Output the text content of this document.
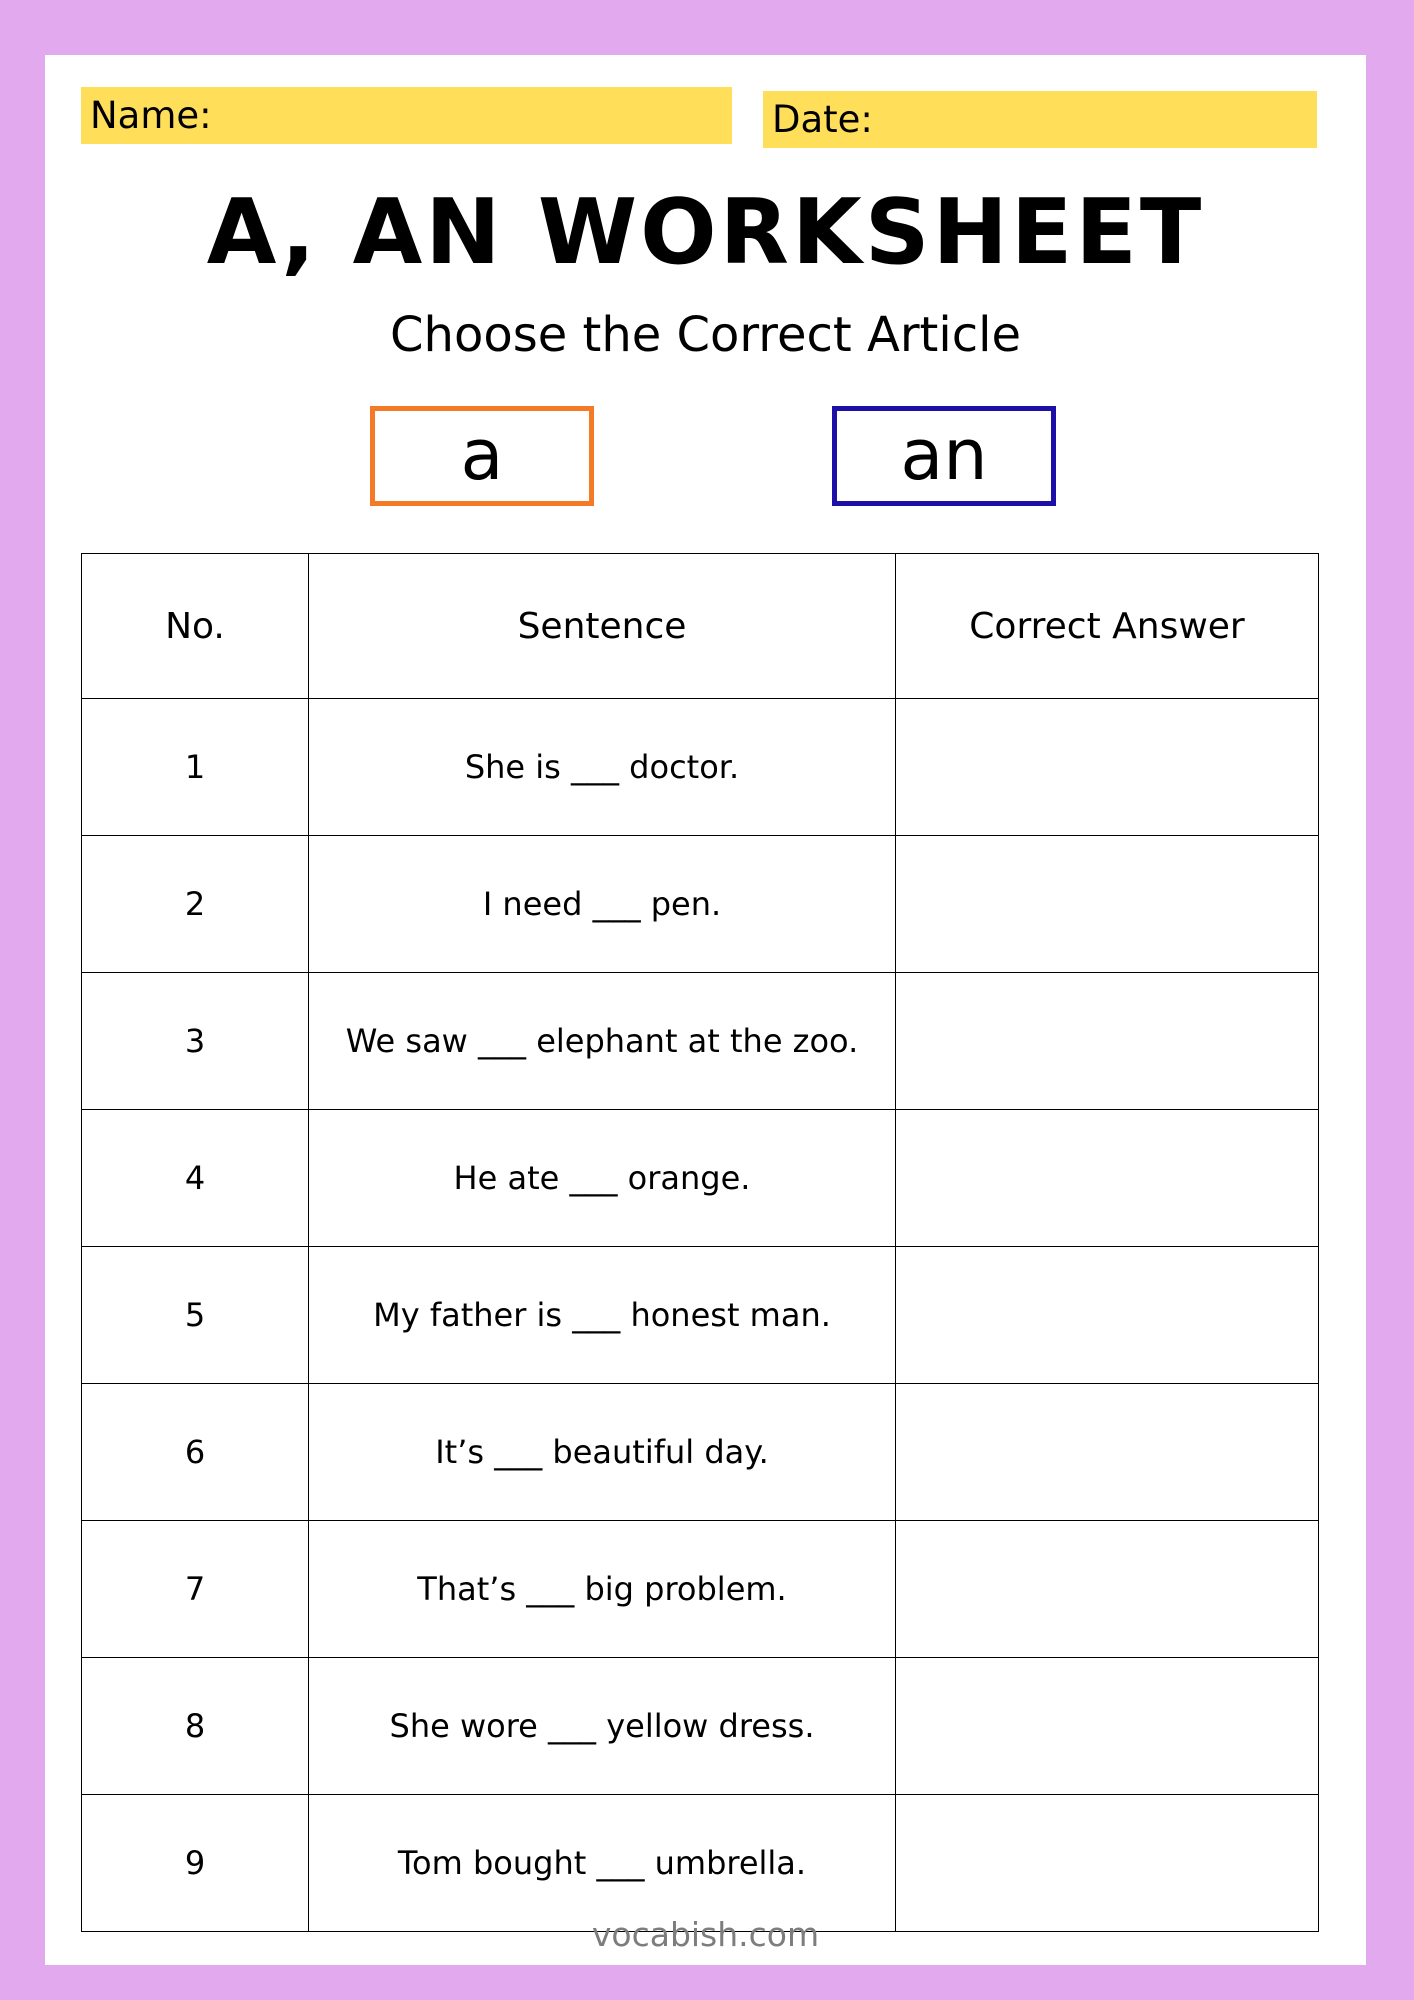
Name:	Date:
A, AN WORKSHEET
Choose the Correct Article
a	an
No.	Sentence	Correct Answer
1	She is ___ doctor.	
2	I need ___ pen.	
3	We saw ___ elephant at the zoo.	
4	He ate ___ orange.	
5	My father is ___ honest man.	
6	It’s ___ beautiful day.	
7	That’s ___ big problem.	
8	She wore ___ yellow dress.	
9	Tom bought ___ umbrella.	
vocabish.com
